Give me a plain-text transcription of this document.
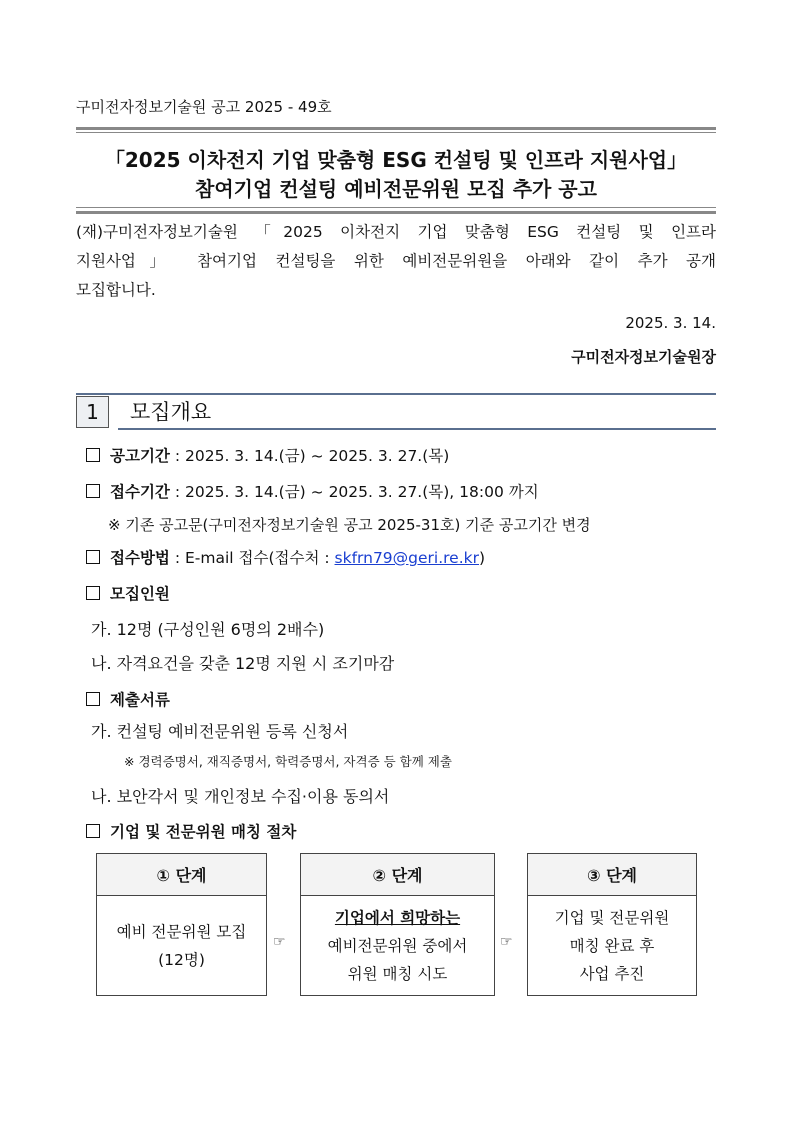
구미전자정보기술원 공고 2025 - 49호
「2025 이차전지 기업 맞춤형 ESG 컨설팅 및 인프라 지원사업」
참여기업 컨설팅 예비전문위원 모집 추가 공고
(재)구미전자정보기술원 「2025 이차전지 기업 맞춤형 ESG 컨설팅 및 인프라
지원사업」 참여기업 컨설팅을 위한 예비전문위원을 아래와 같이 추가 공개
모집합니다.
2025. 3. 14.
구미전자정보기술원장
1	모집개요
공고기간 : 2025. 3. 14.(금) ~ 2025. 3. 27.(목)
접수기간 : 2025. 3. 14.(금) ~ 2025. 3. 27.(목), 18:00 까지
※ 기존 공고문(구미전자정보기술원 공고 2025-31호) 기준 공고기간 변경
접수방법 : E-mail 접수(접수처 : skfrn79@geri.re.kr)
모집인원
가. 12명 (구성인원 6명의 2배수)
나. 자격요건을 갖춘 12명 지원 시 조기마감
제출서류
가. 컨설팅 예비전문위원 등록 신청서
※ 경력증명서, 재직증명서, 학력증명서, 자격증 등 함께 제출
나. 보안각서 및 개인정보 수집·이용 동의서
기업 및 전문위원 매칭 절차
① 단계
예비 전문위원 모집
(12명)
☞
② 단계
기업에서 희망하는
예비전문위원 중에서
위원 매칭 시도
☞
③ 단계
기업 및 전문위원
매칭 완료 후
사업 추진
